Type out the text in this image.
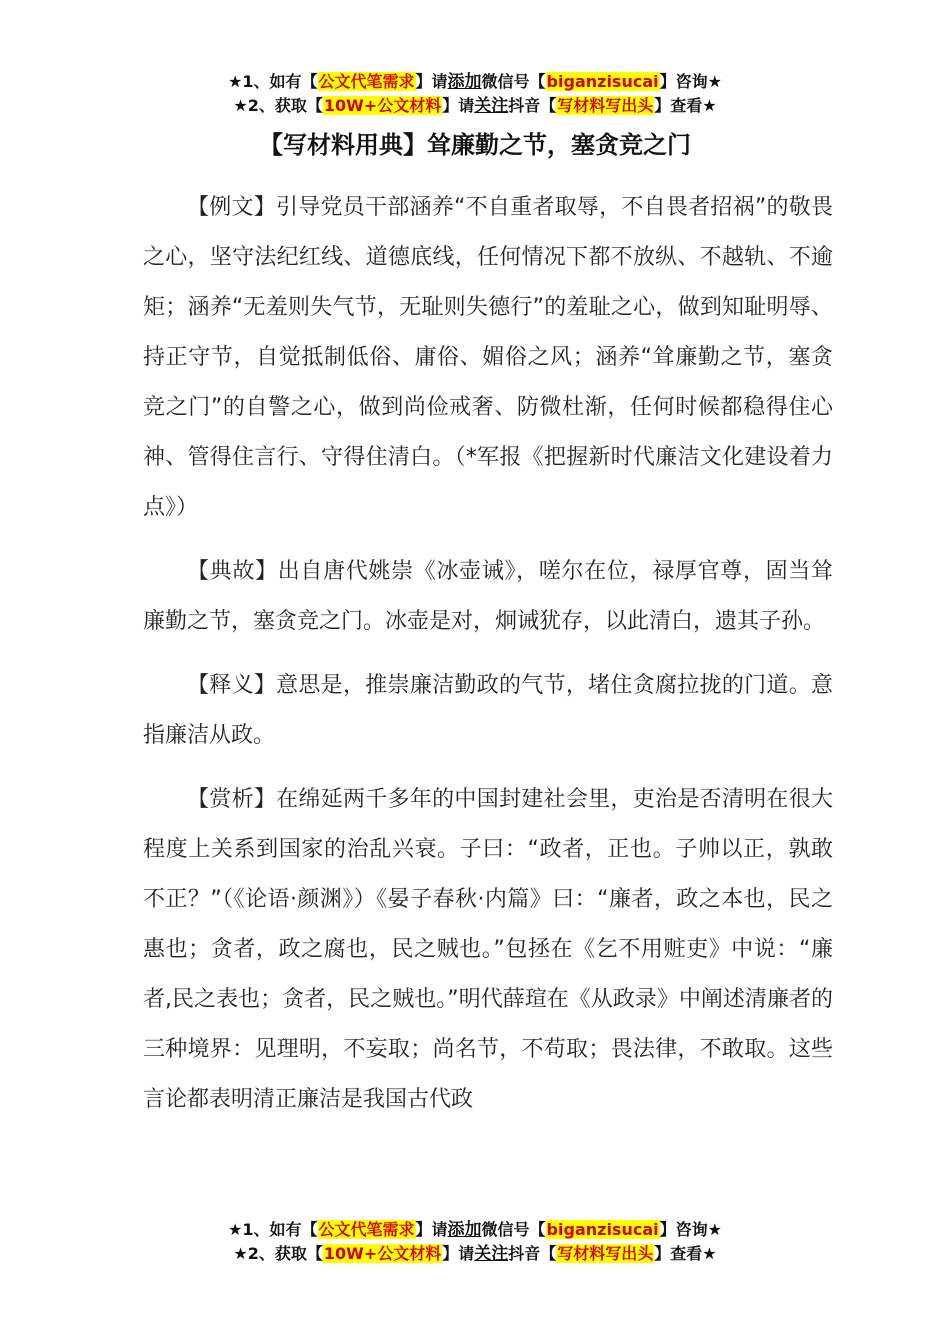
★1、如有【公文代笔需求】请添加微信号【biganzisucai】咨询★
★2、获取【10W+公文材料】请关注抖音【写材料写出头】查看★
【写材料用典】耸廉勤之节，塞贪竞之门

【例文】引导党员干部涵养“不自重者取辱，不自畏者招祸”的敬畏之心，坚守法纪红线、道德底线，任何情况下都不放纵、不越轨、不逾矩；涵养“无羞则失气节，无耻则失德行”的羞耻之心，做到知耻明辱、持正守节，自觉抵制低俗、庸俗、媚俗之风；涵养“耸廉勤之节，塞贪竞之门”的自警之心，做到尚俭戒奢、防微杜渐，任何时候都稳得住心神、管得住言行、守得住清白。（*军报《把握新时代廉洁文化建设着力点》）

【典故】出自唐代姚崇《冰壶诫》，嗟尔在位，禄厚官尊，固当耸廉勤之节，塞贪竞之门。冰壶是对，炯诫犹存，以此清白，遗其子孙。

【释义】意思是，推崇廉洁勤政的气节，堵住贪腐拉拢的门道。意指廉洁从政。

【赏析】在绵延两千多年的中国封建社会里，吏治是否清明在很大程度上关系到国家的治乱兴衰。子曰：“政者，正也。子帅以正，孰敢不正？”（《论语·颜渊》）《晏子春秋·内篇》曰：“廉者，政之本也，民之惠也；贪者，政之腐也，民之贼也。”包拯在《乞不用赃吏》中说：“廉者,民之表也；贪者，民之贼也。”明代薛瑄在《从政录》中阐述清廉者的三种境界：见理明，不妄取；尚名节，不苟取；畏法律，不敢取。这些言论都表明清正廉洁是我国古代政

★1、如有【公文代笔需求】请添加微信号【biganzisucai】咨询★
★2、获取【10W+公文材料】请关注抖音【写材料写出头】查看★
